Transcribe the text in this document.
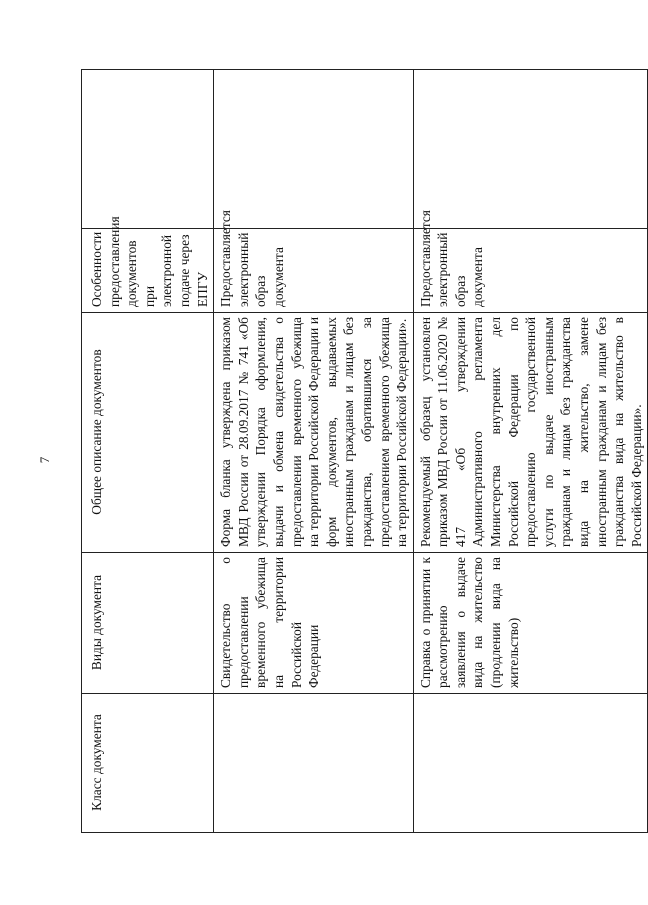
7
Класс документа	Виды документа	Общее описание документов	Особенности предоставления документов при электронной подаче через ЕПГУ	
	Свидетельство о предоставлении временного убежища на территории Российской Федерации	Форма бланка утверждена приказом МВД России от 28.09.2017 № 741 «Об утверждении Порядка оформления, выдачи и обмена свидетельства о предоставлении временного убежища на территории Российской Федерации и форм документов, выдаваемых иностранным гражданам и лицам без гражданства, обратившимся за предоставлением временного убежища на территории Российской Федерации».	Предоставляется электронный образ документа	
	Справка о принятии к рассмотрению заявления о выдаче вида на жительство (продлении вида на жительство)	Рекомендуемый образец установлен приказом МВД России от 11.06.2020 № 417 «Об утверждении Административного регламента Министерства внутренних дел Российской Федерации по предоставлению государственной услуги по выдаче иностранным гражданам и лицам без гражданства вида на жительство, замене иностранным гражданам и лицам без гражданства вида на жительство в Российской Федерации».	Предоставляется электронный образ документа	
